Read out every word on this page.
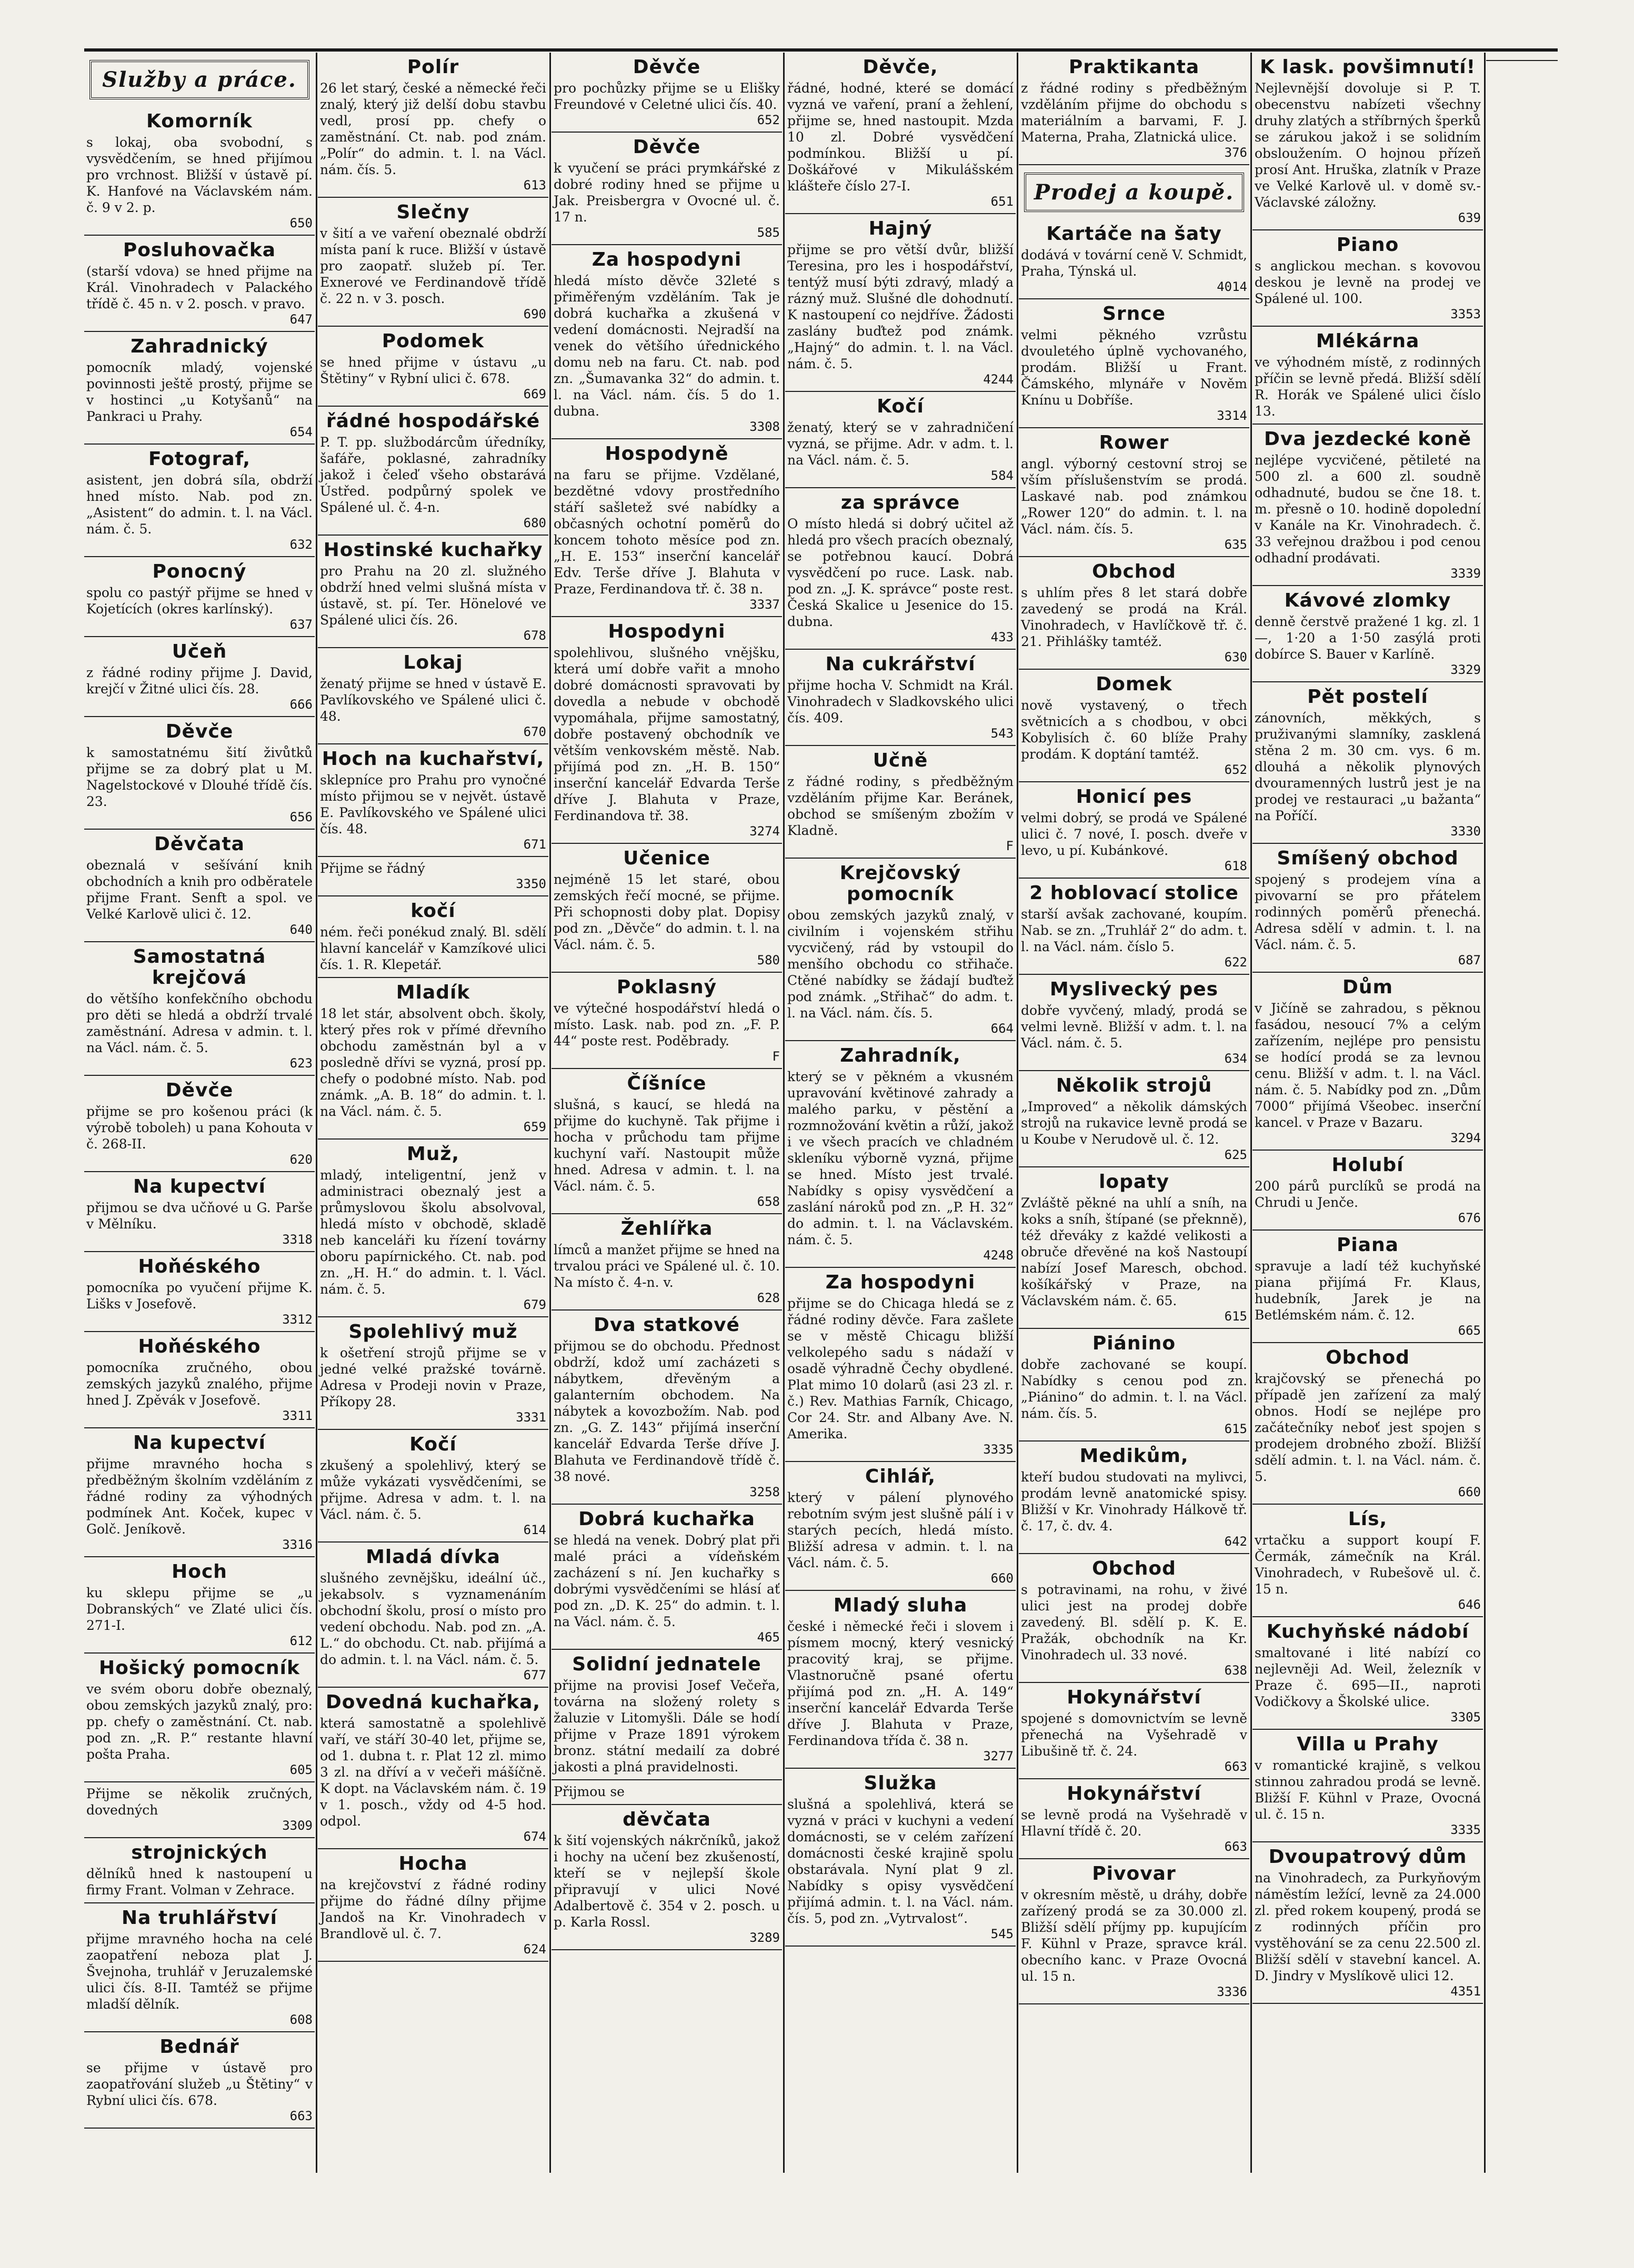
Služby a práce.
Komorník
s lokaj, oba svobodní, s vysvědčením, se hned přijímou pro vrchnost. Bližší v ústavě pí. K. Hanfové na Václavském nám. č. 9 v 2. p.
650
Posluhovačka
(starší vdova) se hned přijme na Král. Vinohradech v Palackého třídě č. 45 n. v 2. posch. v pravo.
647
Zahradnický
pomocník mladý, vojenské povinnosti ještě prostý, přijme se v hostinci „u Kotyšanů“ na Pankraci u Prahy.
654
Fotograf,
asistent, jen dobrá síla, obdrží hned místo. Nab. pod zn. „Asistent“ do admin. t. l. na Václ. nám. č. 5.
632
Ponocný
spolu co pastýř přijme se hned v Kojetících (okres karlínský).
637
Učeň
z řádné rodiny přijme J. David, krejčí v Žitné ulici čís. 28.
666
Děvče
k samostatnému šití živůtků přijme se za dobrý plat u M. Nagelstockové v Dlouhé třídě čís. 23.
656
Děvčata
obeznalá v sešívání knih obchodních a knih pro odběratele přijme Frant. Senft a spol. ve Velké Karlově ulici č. 12.
640
Samostatná krejčová
do většího konfekčního obchodu pro děti se hledá a obdrží trvalé zaměstnání. Adresa v admin. t. l. na Václ. nám. č. 5.
623
Děvče
přijme se pro košenou práci (k výrobě toboleh) u pana Kohouta v č. 268-II.
620
Na kupectví
přijmou se dva učňové u G. Parše v Mělníku.
3318
Hoňéského
pomocníka po vyučení přijme K. Lišks v Josefově.
3312
Hoňéského
pomocníka zručného, obou zemských jazyků znalého, přijme hned J. Zpěvák v Josefově.
3311
Na kupectví
přijme mravného hocha s předběžným školním vzděláním z řádné rodiny za výhodných podmínek Ant. Koček, kupec v Golč. Jeníkově.
3316
Hoch
ku sklepu přijme se „u Dobranských“ ve Zlaté ulici čís. 271-I.
612
Hošický pomocník
ve svém oboru dobře obeznalý, obou zemských jazyků znalý, pro: pp. chefy o zaměstnání. Ct. nab. pod zn. „R. P.“ restante hlavní pošta Praha.
605
Přijme se několik zručných, dovedných
3309
strojnických
dělníků hned k nastoupení u firmy Frant. Volman v Zehrace.
Na truhlářství
přijme mravného hocha na celé zaopatření neboza plat J. Švejnoha, truhlář v Jeruzalemské ulici čís. 8-II. Tamtéž se přijme mladší dělník.
608
Bednář
se přijme v ústavě pro zaopatřování služeb „u Štětiny“ v Rybní ulici čís. 678.
663
Polír
26 let starý, české a německé řeči znalý, který již delší dobu stavbu vedl, prosí pp. chefy o zaměstnání. Ct. nab. pod znám. „Polír“ do admin. t. l. na Václ. nám. čís. 5.
613
Slečny
v šití a ve vaření obeznalé obdrží místa paní k ruce. Bližší v ústavě pro zaopatř. služeb pí. Ter. Exnerové ve Ferdinandově třídě č. 22 n. v 3. posch.
690
Podomek
se hned přijme v ústavu „u Štětiny“ v Rybní ulici č. 678.
669
řádné hospodářské
P. T. pp. službodárcům úředníky, šafáře, poklasné, zahradníky jakož i čeleď všeho obstarává Ústřed. podpůrný spolek ve Spálené ul. č. 4-n.
680
Hostinské kuchařky
pro Prahu na 20 zl. služného obdrží hned velmi slušná místa v ústavě, st. pí. Ter. Hönelové ve Spálené ulici čís. 26.
678
Lokaj
ženatý přijme se hned v ústavě E. Pavlíkovského ve Spálené ulici č. 48.
670
Hoch na kuchařství,
sklepníce pro Prahu pro vynočné místo přijmou se v největ. ústavě E. Pavlíkovského ve Spálené ulici čís. 48.
671
Přijme se řádný
3350
kočí
ném. řeči ponékud znalý. Bl. sdělí hlavní kancelář v Kamzíkové ulici čís. 1. R. Klepetář.
Mladík
18 let stár, absolvent obch. školy, který přes rok v přímé dřevního obchodu zaměstnán byl a v posledně dřívi se vyzná, prosí pp. chefy o podobné místo. Nab. pod známk. „A. B. 18“ do admin. t. l. na Václ. nám. č. 5.
659
Muž,
mladý, inteligentní, jenž v administraci obeznalý jest a průmyslovou školu absolvoval, hledá místo v obchodě, skladě neb kanceláři ku řízení továrny oboru papírnického. Ct. nab. pod zn. „H. H.“ do admin. t. l. Václ. nám. č. 5.
679
Spolehlivý muž
k ošetření strojů přijme se v jedné velké pražské továrně. Adresa v Prodeji novin v Praze, Příkopy 28.
3331
Kočí
zkušený a spolehlivý, který se může vykázati vysvědčeními, se přijme. Adresa v adm. t. l. na Václ. nám. č. 5.
614
Mladá dívka
slušného zevnějšku, ideální úč., jekabsolv. s vyznamenáním obchodní školu, prosí o místo pro vedení obchodu. Nab. pod zn. „A. L.“ do obchodu. Ct. nab. přijímá a do admin. t. l. na Václ. nám. č. 5.
677
Dovedná kuchařka,
která samostatně a spolehlivě vaří, ve stáří 30-40 let, přijme se, od 1. dubna t. r. Plat 12 zl. mimo 3 zl. na dříví a v večeři mášíčně. K dopt. na Václavském nám. č. 19 v 1. posch., vždy od 4-5 hod. odpol.
674
Hocha
na krejčovství z řádné rodiny přijme do řádné dílny přijme Jandoš na Kr. Vinohradech v Brandlově ul. č. 7.
624
Děvče
pro pochůzky přijme se u Elišky Freundové v Celetné ulici čís. 40.
652
Děvče
k vyučení se práci prymkářské z dobré rodiny hned se přijme u Jak. Preisbergra v Ovocné ul. č. 17 n.
585
Za hospodyni
hledá místo děvče 32leté s přiměřeným vzděláním. Tak je dobrá kuchařka a zkušená v vedení domácnosti. Nejradší na venek do většího úřednického domu neb na faru. Ct. nab. pod zn. „Šumavanka 32“ do admin. t. l. na Václ. nám. čís. 5 do 1. dubna.
3308
Hospodyně
na faru se přijme. Vzdělané, bezdětné vdovy prostředního stáří sašletež své nabídky a občasných ochotní poměrů do koncem tohoto měsíce pod zn. „H. E. 153“ inserční kancelář Edv. Terše dříve J. Blahuta v Praze, Ferdinandova tř. č. 38 n.
3337
Hospodyni
spolehlivou, slušného vnějšku, která umí dobře vařit a mnoho dobré domácnosti spravovati by dovedla a nebude v obchodě vypomáhala, přijme samostatný, dobře postavený obchodník ve větším venkovském městě. Nab. přijímá pod zn. „H. B. 150“ inserční kancelář Edvarda Terše dříve J. Blahuta v Praze, Ferdinandova tř. 38.
3274
Učenice
nejméně 15 let staré, obou zemských řečí mocné, se přijme. Při schopnosti doby plat. Dopisy pod zn. „Děvče“ do admin. t. l. na Václ. nám. č. 5.
580
Poklasný
ve výtečné hospodářství hledá o místo. Lask. nab. pod zn. „F. P. 44“ poste rest. Poděbrady.
F
Číšníce
slušná, s kaucí, se hledá na přijme do kuchyně. Tak přijme i hocha v průchodu tam přijme kuchyní vaří. Nastoupit může hned. Adresa v admin. t. l. na Václ. nám. č. 5.
658
Žehlířka
límců a manžet přijme se hned na trvalou práci ve Spálené ul. č. 10. Na místo č. 4-n. v.
628
Dva statkové
přijmou se do obchodu. Přednost obdrží, kdož umí zacházeti s nábytkem, dřevěným a galanterním obchodem. Na nábytek a kovozbožím. Nab. pod zn. „G. Z. 143“ přijímá inserční kancelář Edvarda Terše dříve J. Blahuta ve Ferdinandově třídě č. 38 nové.
3258
Dobrá kuchařka
se hledá na venek. Dobrý plat při malé práci a vídeňském zacházení s ní. Jen kuchařky s dobrými vysvědčeními se hlásí ať pod zn. „D. K. 25“ do admin. t. l. na Václ. nám. č. 5.
465
Solidní jednatele
přijme na provisi Josef Večeřa, továrna na složený rolety s žaluzie v Litomyšli. Dále se hodí přijme v Praze 1891 výrokem bronz. státní medailí za dobré jakosti a plná pravidelnosti.
Přijmou se
děvčata
k šití vojenských nákrčníků, jakož i hochy na učení bez zkušeností, kteří se v nejlepší škole připravují v ulici Nové Adalbertově č. 354 v 2. posch. u p. Karla Rossl.
3289
Děvče,
řádné, hodné, které se domácí vyzná ve vaření, praní a žehlení, přijme se, hned nastoupit. Mzda 10 zl. Dobré vysvědčení podmínkou. Bližší u pí. Doškářové v Mikulášském klášteře číslo 27-I.
651
Hajný
přijme se pro větší dvůr, bližší Teresina, pro les i hospodářství, tentýž musí býti zdravý, mladý a rázný muž. Slušné dle dohodnutí. K nastoupení co nejdříve. Žádosti zaslány buďtež pod známk. „Hajný“ do admin. t. l. na Václ. nám. č. 5.
4244
Kočí
ženatý, který se v zahradničení vyzná, se přijme. Adr. v adm. t. l. na Václ. nám. č. 5.
584
za správce
O místo hledá si dobrý učitel až hledá pro všech pracích obeznalý, se potřebnou kaucí. Dobrá vysvědčení po ruce. Lask. nab. pod zn. „J. K. správce“ poste rest. Česká Skalice u Jesenice do 15. dubna.
433
Na cukrářství
přijme hocha V. Schmidt na Král. Vinohradech v Sladkovského ulici čís. 409.
543
Učně
z řádné rodiny, s předběžným vzděláním přijme Kar. Beránek, obchod se smíšeným zbožím v Kladně.
F
Krejčovský pomocník
obou zemských jazyků znalý, v civilním i vojenském střihu vycvičený, rád by vstoupil do menšího obchodu co střihače. Ctěné nabídky se žádají buďtež pod známk. „Střihač“ do adm. t. l. na Václ. nám. čís. 5.
664
Zahradník,
který se v pěkném a vkusném upravování květinové zahrady a malého parku, v pěstění a rozmnožování květin a růží, jakož i ve všech pracích ve chladném skleníku výborně vyzná, přijme se hned. Místo jest trvalé. Nabídky s opisy vysvědčení a zaslání nároků pod zn. „P. H. 32“ do admin. t. l. na Václavském. nám. č. 5.
4248
Za hospodyni
přijme se do Chicaga hledá se z řádné rodiny děvče. Fara zašlete se v městě Chicagu bližší velkolepého sadu s nádaží v osadě výhradně Čechy obydlené. Plat mimo 10 dolarů (asi 23 zl. r. č.) Rev. Mathias Farník, Chicago, Cor 24. Str. and Albany Ave. N. Amerika.
3335
Cihlář,
který v pálení plynového rebotním svým jest slušně pálí i v starých pecích, hledá místo. Bližší adresa v admin. t. l. na Václ. nám. č. 5.
660
Mladý sluha
české i německé řeči i slovem i písmem mocný, který vesnický pracovitý kraj, se přijme. Vlastnoručně psané ofertu přijímá pod zn. „H. A. 149“ inserční kancelář Edvarda Terše dříve J. Blahuta v Praze, Ferdinandova třída č. 38 n.
3277
Služka
slušná a spolehlivá, která se vyzná v práci v kuchyni a vedení domácnosti, se v celém zařízení domácnosti české krajině spolu obstarávala. Nyní plat 9 zl. Nabídky s opisy vysvědčení přijímá admin. t. l. na Václ. nám. čís. 5, pod zn. „Vytrvalost“.
545
Praktikanta
z řádné rodiny s předběžným vzděláním přijme do obchodu s materiálním a barvami, F. J. Materna, Praha, Zlatnická ulice.
376
Prodej a koupě.
Kartáče na šaty
dodává v tovární ceně V. Schmidt, Praha, Týnská ul.
4014
Srnce
velmi pěkného vzrůstu dvouletého úplně vychovaného, prodám. Bližší u Frant. Čámského, mlynáře v Nověm Knínu u Dobříše.
3314
Rower
angl. výborný cestovní stroj se vším příslušenstvím se prodá. Laskavé nab. pod známkou „Rower 120“ do admin. t. l. na Václ. nám. čís. 5.
635
Obchod
s uhlím přes 8 let stará dobře zavedený se prodá na Král. Vinohradech, v Havlíčkově tř. č. 21. Přihlášky tamtéž.
630
Domek
nově vystavený, o třech světnicích a s chodbou, v obci Kobylisích č. 60 blíže Prahy prodám. K doptání tamtéž.
652
Honicí pes
velmi dobrý, se prodá ve Spálené ulici č. 7 nové, I. posch. dveře v levo, u pí. Kubánkové.
618
2 hoblovací stolice
starší avšak zachované, koupím. Nab. se zn. „Truhlář 2“ do adm. t. l. na Václ. nám. číslo 5.
622
Myslivecký pes
dobře vyvčený, mladý, prodá se velmi levně. Bližší v adm. t. l. na Václ. nám. č. 5.
634
Několik strojů
„Improved“ a několik dámských strojů na rukavice levně prodá se u Koube v Nerudově ul. č. 12.
625
lopaty
Zvláště pěkné na uhlí a sníh, na koks a sníh, štípané (se překnně), též dřeváky z každé velikosti a obruče dřevěné na koš Nastoupí nabízí Josef Maresch, obchod. košíkářský v Praze, na Václavském nám. č. 65.
615
Piánino
dobře zachované se koupí. Nabídky s cenou pod zn. „Piánino“ do admin. t. l. na Václ. nám. čís. 5.
615
Medikům,
kteří budou studovati na mylivci, prodám levně anatomické spisy. Bližší v Kr. Vinohrady Hálkově tř. č. 17, č. dv. 4.
642
Obchod
s potravinami, na rohu, v živé ulici jest na prodej dobře zavedený. Bl. sdělí p. K. E. Pražák, obchodník na Kr. Vinohradech ul. 33 nové.
638
Hokynářství
spojené s domovnictvím se levně přenechá na Vyšehradě v Libušině tř. č. 24.
663
Hokynářství
se levně prodá na Vyšehradě v Hlavní třídě č. 20.
663
Pivovar
v okresním městě, u dráhy, dobře zařízený prodá se za 30.000 zl. Bližší sdělí příjmy pp. kupujícím F. Kühnl v Praze, spravce král. obecního kanc. v Praze Ovocná ul. 15 n.
3336
K lask. povšimnutí!
Nejlevnější dovoluje si P. T. obecenstvu nabízeti všechny druhy zlatých a stříbrných šperků se zárukou jakož i se solidním obsloužením. O hojnou přízeň prosí Ant. Hruška, zlatník v Praze ve Velké Karlově ul. v domě sv.-Václavské záložny.
639
Piano
s anglickou mechan. s kovovou deskou je levně na prodej ve Spálené ul. 100.
3353
Mlékárna
ve výhodném místě, z rodinných příčin se levně předá. Bližší sdělí R. Horák ve Spálené ulici číslo 13.
Dva jezdecké koně
nejlépe vycvičené, pětileté na 500 zl. a 600 zl. soudně odhadnuté, budou se čne 18. t. m. přesně o 10. hodině dopolední v Kanále na Kr. Vinohradech. č. 33 veřejnou dražbou i pod cenou odhadní prodávati.
3339
Kávové zlomky
denně čerstvě pražené 1 kg. zl. 1—, 1·20 a 1·50 zasýlá proti dobírce S. Bauer v Karlíně.
3329
Pět postelí
zánovních, měkkých, s pruživanými slamníky, zasklená stěna 2 m. 30 cm. vys. 6 m. dlouhá a několik plynových dvouramenných lustrů jest je na prodej ve restauraci „u bažanta“ na Poříčí.
3330
Smíšený obchod
spojený s prodejem vína a pivovarní se pro přátelem rodinných poměrů přenechá. Adresa sdělí v admin. t. l. na Václ. nám. č. 5.
687
Dům
v Jičíně se zahradou, s pěknou fasádou, nesoucí 7% a celým zařízením, nejlépe pro pensistu se hodící prodá se za levnou cenu. Bližší v adm. t. l. na Václ. nám. č. 5. Nabídky pod zn. „Dům 7000“ přijímá Všeobec. inserční kancel. v Praze v Bazaru.
3294
Holubí
200 párů purclíků se prodá na Chrudi u Jenče.
676
Piana
spravuje a ladí též kuchyňské piana přijímá Fr. Klaus, hudebník, Jarek je na Betlémském nám. č. 12.
665
Obchod
krajčovský se přenechá po případě jen zařízení za malý obnos. Hodí se nejlépe pro začátečníky neboť jest spojen s prodejem drobného zboží. Bližší sdělí admin. t. l. na Václ. nám. č. 5.
660
Lís,
vrtačku a support koupí F. Čermák, zámečník na Král. Vinohradech, v Rubešově ul. č. 15 n.
646
Kuchyňské nádobí
smaltované i lité nabízí co nejlevněji Ad. Weil, železník v Praze č. 695—II., naproti Vodičkovy a Školské ulice.
3305
Villa u Prahy
v romantické krajině, s velkou stinnou zahradou prodá se levně. Bližší F. Kühnl v Praze, Ovocná ul. č. 15 n.
3335
Dvoupatrový dům
na Vinohradech, za Purkyňovým náměstím ležící, levně za 24.000 zl. před rokem koupený, prodá se z rodinných příčin pro vystěhování se za cenu 22.500 zl. Bližší sdělí v stavební kancel. A. D. Jindry v Myslíkově ulici 12.
4351
